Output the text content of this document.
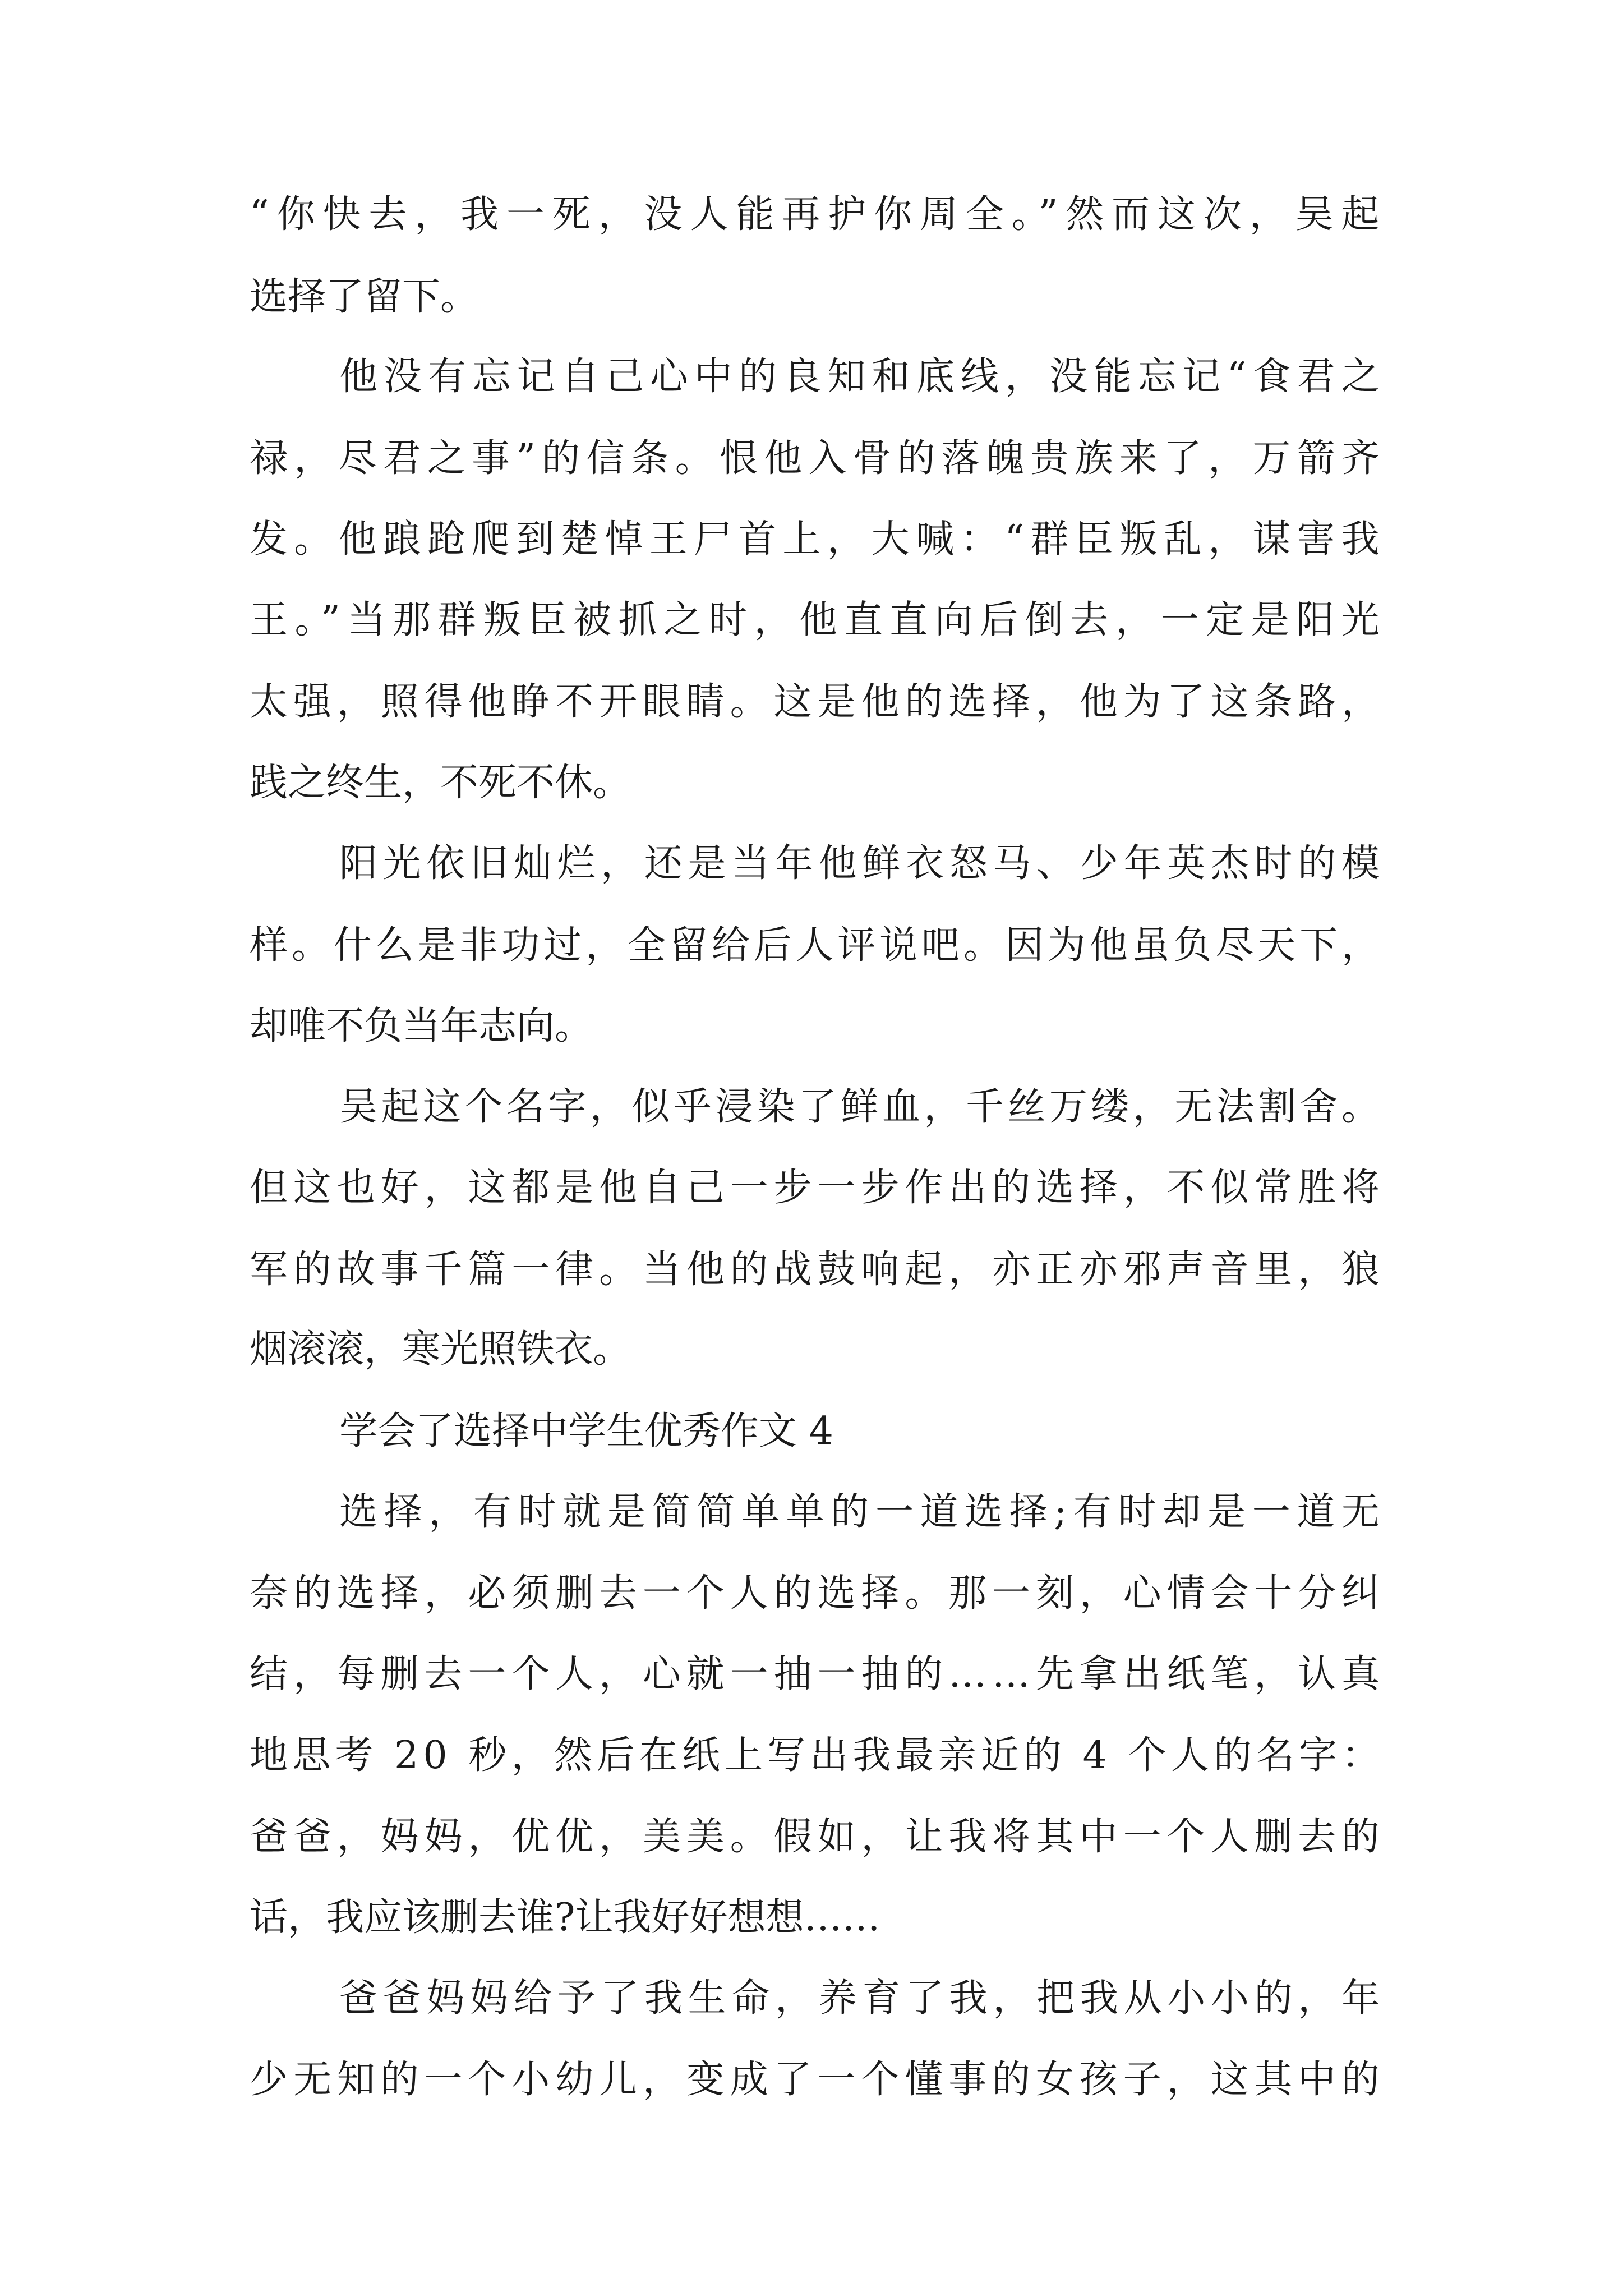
“你快去，我一死，没人能再护你周全。”然而这次，吴起
选择了留下。
他没有忘记自己心中的良知和底线，没能忘记“食君之
禄，尽君之事”的信条。恨他入骨的落魄贵族来了，万箭齐
发。他踉跄爬到楚悼王尸首上，大喊：“群臣叛乱，谋害我
王。”当那群叛臣被抓之时，他直直向后倒去，一定是阳光
太强，照得他睁不开眼睛。这是他的选择，他为了这条路，
践之终生，不死不休。
阳光依旧灿烂，还是当年他鲜衣怒马、少年英杰时的模
样。什么是非功过，全留给后人评说吧。因为他虽负尽天下，
却唯不负当年志向。
吴起这个名字，似乎浸染了鲜血，千丝万缕，无法割舍。
但这也好，这都是他自己一步一步作出的选择，不似常胜将
军的故事千篇一律。当他的战鼓响起，亦正亦邪声音里，狼
烟滚滚，寒光照铁衣。
学会了选择中学生优秀作文 4
选择，有时就是简简单单的一道选择;有时却是一道无
奈的选择，必须删去一个人的选择。那一刻，心情会十分纠
结，每删去一个人，心就一抽一抽的……先拿出纸笔，认真
地思考 20 秒，然后在纸上写出我最亲近的 4 个人的名字：
爸爸，妈妈，优优，美美。假如，让我将其中一个人删去的
话，我应该删去谁?让我好好想想……
爸爸妈妈给予了我生命，养育了我，把我从小小的，年
少无知的一个小幼儿，变成了一个懂事的女孩子，这其中的
